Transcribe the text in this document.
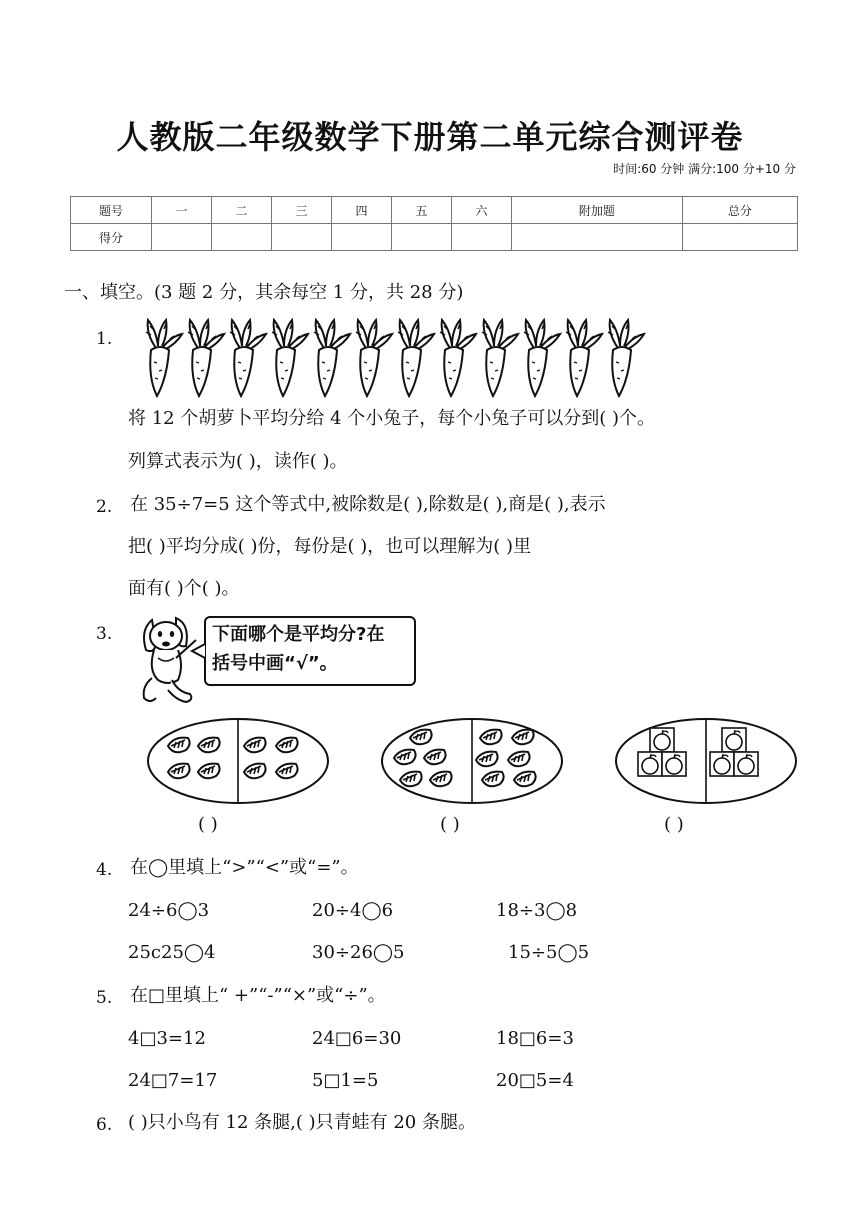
人教版二年级数学下册第二单元综合测评卷
时间:60 分钟 满分:100 分+10 分
题号	一	二	三	四	五	六	附加题	总分
得分								
一、填空。(3 题 2 分，其余每空 1 分，共 28 分)
1.
将 12 个胡萝卜平均分给 4 个小兔子，每个小兔子可以分到( )个。
列算式表示为( )，读作( )。
2. 在 35÷7=5 这个等式中,被除数是( ),除数是( ),商是( ),表示
把( )平均分成( )份，每份是( )，也可以理解为( )里
面有( )个( )。
3.	下面哪个是平均分?在
括号中画“√”。
( )	( )	( )
4. 在◯里填上“>”“<”或“=”。
24÷6◯3	20÷4◯6	18÷3◯8
25c25◯4	30÷26◯5	15÷5◯5
5. 在□里填上“ +”“-”“×”或“÷”。
4□3=12	24□6=30	18□6=3
24□7=17	5□1=5	20□5=4
6. ( )只小鸟有 12 条腿,( )只青蛙有 20 条腿。
